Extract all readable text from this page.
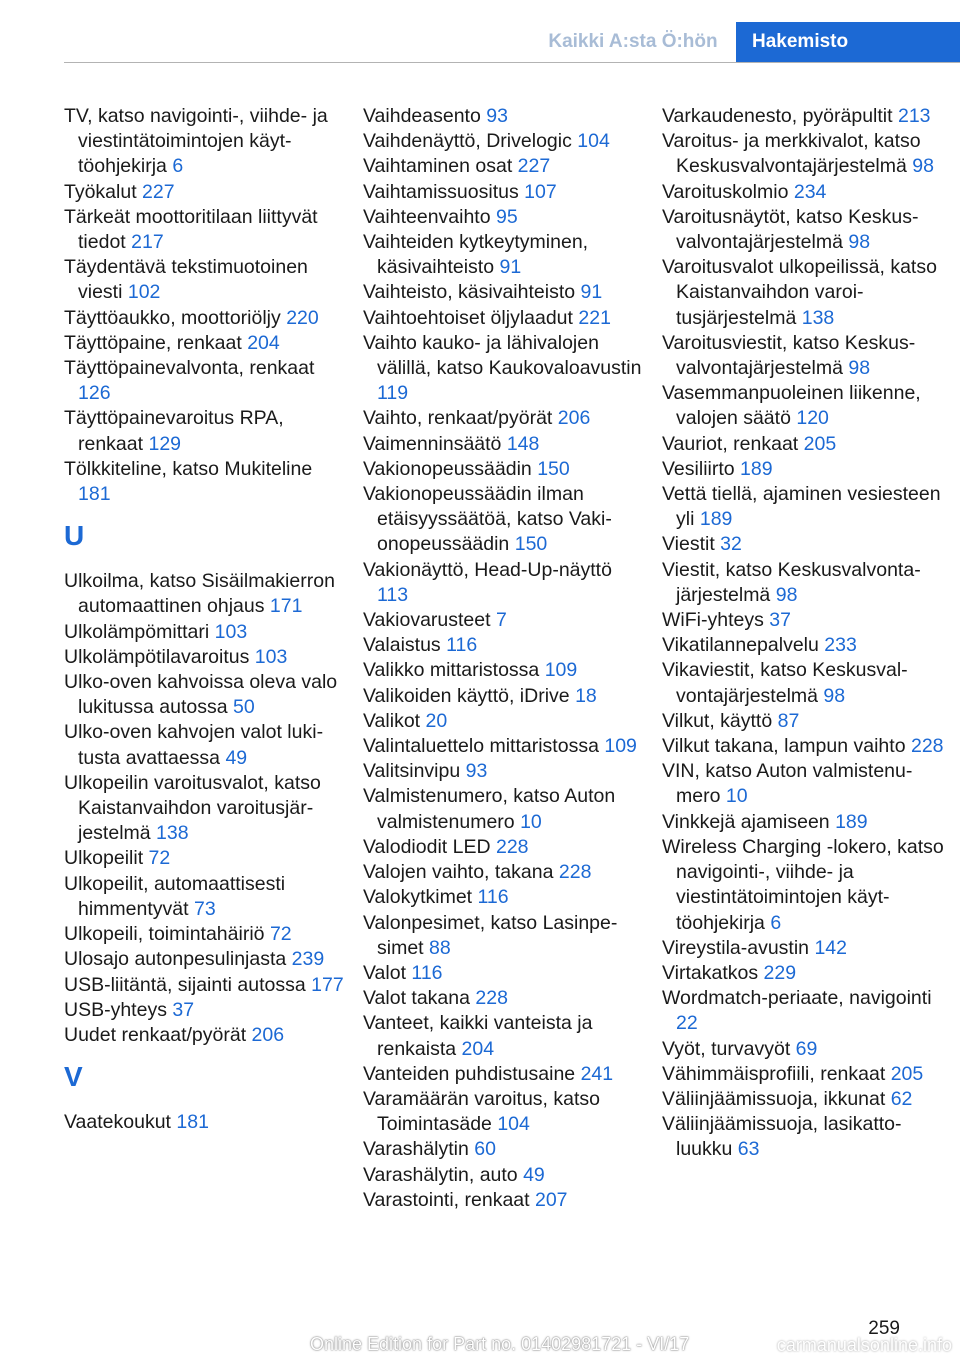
Kaikki A:sta Ö:hön	Hakemisto
TV, katso navigointi-, viihde- ja viestintätoimintojen käyttöohjekirja 6
Työkalut 227
Tärkeät moottoritilaan liittyvät tiedot 217
Täydentävä tekstimuotoinen viesti 102
Täyttöaukko, moottoriöljy 220
Täyttöpaine, renkaat 204
Täyttöpainevalvonta, renkaat 126
Täyttöpainevaroitus RPA, renkaat 129
Tölkkiteline, katso Mukiteline 181
U
Ulkoilma, katso Sisäilmakierron automaattinen ohjaus 171
Ulkolämpömittari 103
Ulkolämpötilavaroitus 103
Ulko-oven kahvoissa oleva valo lukitussa autossa 50
Ulko-oven kahvojen valot lukitusta avattaessa 49
Ulkopeilin varoitusvalot, katso Kaistanvaihdon varoitusjärjestelmä 138
Ulkopeilit 72
Ulkopeilit, automaattisesti himmentyvät 73
Ulkopeili, toimintahäiriö 72
Ulosajo autonpesulinjasta 239
USB-liitäntä, sijainti autossa 177
USB-yhteys 37
Uudet renkaat/pyörät 206
V
Vaatekoukut 181
Vaihdeasento 93
Vaihdenäyttö, Drivelogic 104
Vaihtaminen osat 227
Vaihtamissuositus 107
Vaihteenvaihto 95
Vaihteiden kytkeytyminen, käsivaihteisto 91
Vaihteisto, käsivaihteisto 91
Vaihtoehtoiset öljylaadut 221
Vaihto kauko- ja lähivalojen välillä, katso Kaukovaloavustin 119
Vaihto, renkaat/pyörät 206
Vaimenninsäätö 148
Vakionopeussäädin 150
Vakionopeussäädin ilman etäisyyssäätöä, katso Vakionopeussäädin 150
Vakionäyttö, Head-Up-näyttö 113
Vakiovarusteet 7
Valaistus 116
Valikko mittaristossa 109
Valikoiden käyttö, iDrive 18
Valikot 20
Valintaluettelo mittaristossa 109
Valitsinvipu 93
Valmistenumero, katso Auton valmistenumero 10
Valodiodit LED 228
Valojen vaihto, takana 228
Valokytkimet 116
Valonpesimet, katso Lasinpesimet 88
Valot 116
Valot takana 228
Vanteet, kaikki vanteista ja renkaista 204
Vanteiden puhdistusaine 241
Varamäärän varoitus, katso Toimintasäde 104
Varashälytin 60
Varashälytin, auto 49
Varastointi, renkaat 207
Varkaudenesto, pyöräpultit 213
Varoitus- ja merkkivalot, katso Keskusvalvontajärjestelmä 98
Varoituskolmio 234
Varoitusnäytöt, katso Keskusvalvontajärjestelmä 98
Varoitusvalot ulkopeilissä, katso Kaistanvaihdon varoitusjärjestelmä 138
Varoitusviestit, katso Keskusvalvontajärjestelmä 98
Vasemmanpuoleinen liikenne, valojen säätö 120
Vauriot, renkaat 205
Vesiliirto 189
Vettä tiellä, ajaminen vesiesteen yli 189
Viestit 32
Viestit, katso Keskusvalvontajärjestelmä 98
WiFi-yhteys 37
Vikatilannepalvelu 233
Vikaviestit, katso Keskusvalvontajärjestelmä 98
Vilkut, käyttö 87
Vilkut takana, lampun vaihto 228
VIN, katso Auton valmistenumero 10
Vinkkejä ajamiseen 189
Wireless Charging -lokero, katso navigointi-, viihde- ja viestintätoimintojen käyttöohjekirja 6
Vireystila-avustin 142
Virtakatkos 229
Wordmatch-periaate, navigointi 22
Vyöt, turvavyöt 69
Vähimmäisprofiili, renkaat 205
Väliinjäämissuoja, ikkunat 62
Väliinjäämissuoja, lasikatto-luukku 63
259
Online Edition for Part no. 01402981721 - VI/17	carmanualsonline.info
